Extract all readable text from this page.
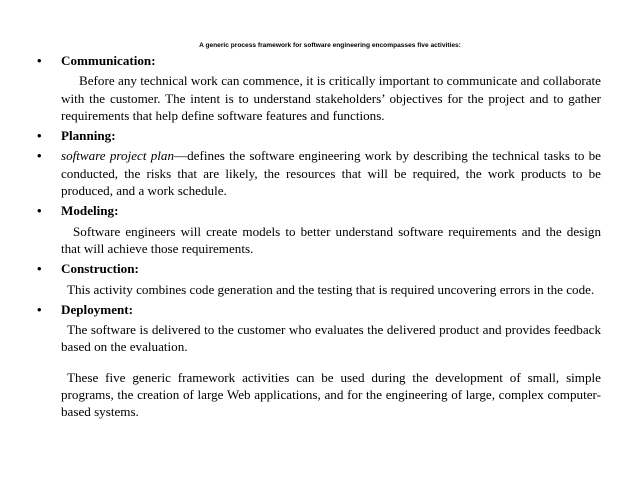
A generic process framework for software engineering encompasses five activities:
•	Communication:
Before any technical work can commence, it is critically important to communicate and collaborate with the customer. The intent is to understand stakeholders’ objectives for the project and to gather requirements that help define software features and functions.
•	Planning:
•	software project plan—defines the software engineering work by describing the technical tasks to be conducted, the risks that are likely, the resources that will be required, the work products to be produced, and a work schedule.
•	Modeling:
Software engineers will create models to better understand software requirements and the design that will achieve those requirements.
•	Construction:
This activity combines code generation and the testing that is required uncovering errors in the code.
•	Deployment:
The software is delivered to the customer who evaluates the delivered product and provides feedback based on the evaluation.
These five generic framework activities can be used during the development of small, simple programs, the creation of large Web applications, and for the engineering of large, complex computer-based systems.
